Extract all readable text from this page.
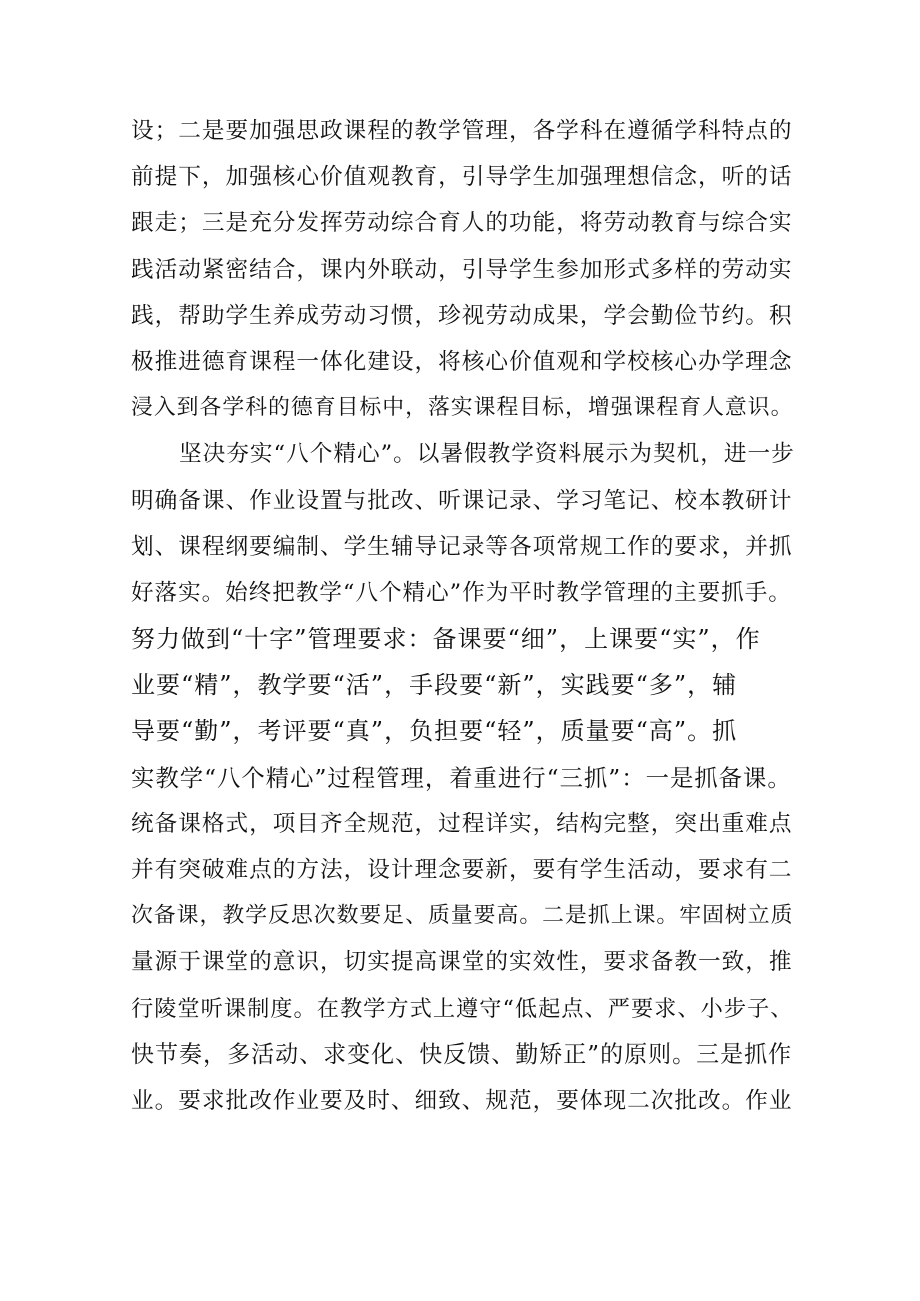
设；二是要加强思政课程的教学管理，各学科在遵循学科特点的
前提下，加强核心价值观教育，引导学生加强理想信念，听的话
跟走；三是充分发挥劳动综合育人的功能，将劳动教育与综合实
践活动紧密结合，课内外联动，引导学生参加形式多样的劳动实
践，帮助学生养成劳动习惯，珍视劳动成果，学会勤俭节约。积
极推进德育课程一体化建设，将核心价值观和学校核心办学理念
浸入到各学科的德育目标中，落实课程目标，增强课程育人意识。
坚决夯实“八个精心”。以暑假教学资料展示为契机，进一步
明确备课、作业设置与批改、听课记录、学习笔记、校本教研计
划、课程纲要编制、学生辅导记录等各项常规工作的要求，并抓
好落实。始终把教学“八个精心”作为平时教学管理的主要抓手。
努力做到“十字”管理要求：备课要“细”，上课要“实”，作
业要“精”，教学要“活”，手段要“新”，实践要“多”，辅
导要“勤”，考评要“真”，负担要“轻”，质量要“高”。抓
实教学“八个精心”过程管理，着重进行“三抓”：一是抓备课。
统备课格式，项目齐全规范，过程详实，结构完整，突出重难点
并有突破难点的方法，设计理念要新，要有学生活动，要求有二
次备课，教学反思次数要足、质量要高。二是抓上课。牢固树立质
量源于课堂的意识，切实提高课堂的实效性，要求备教一致，推
行陵堂听课制度。在教学方式上遵守“低起点、严要求、小步子、
快节奏，多活动、求变化、快反馈、勤矫正”的原则。三是抓作
业。要求批改作业要及时、细致、规范，要体现二次批改。作业
